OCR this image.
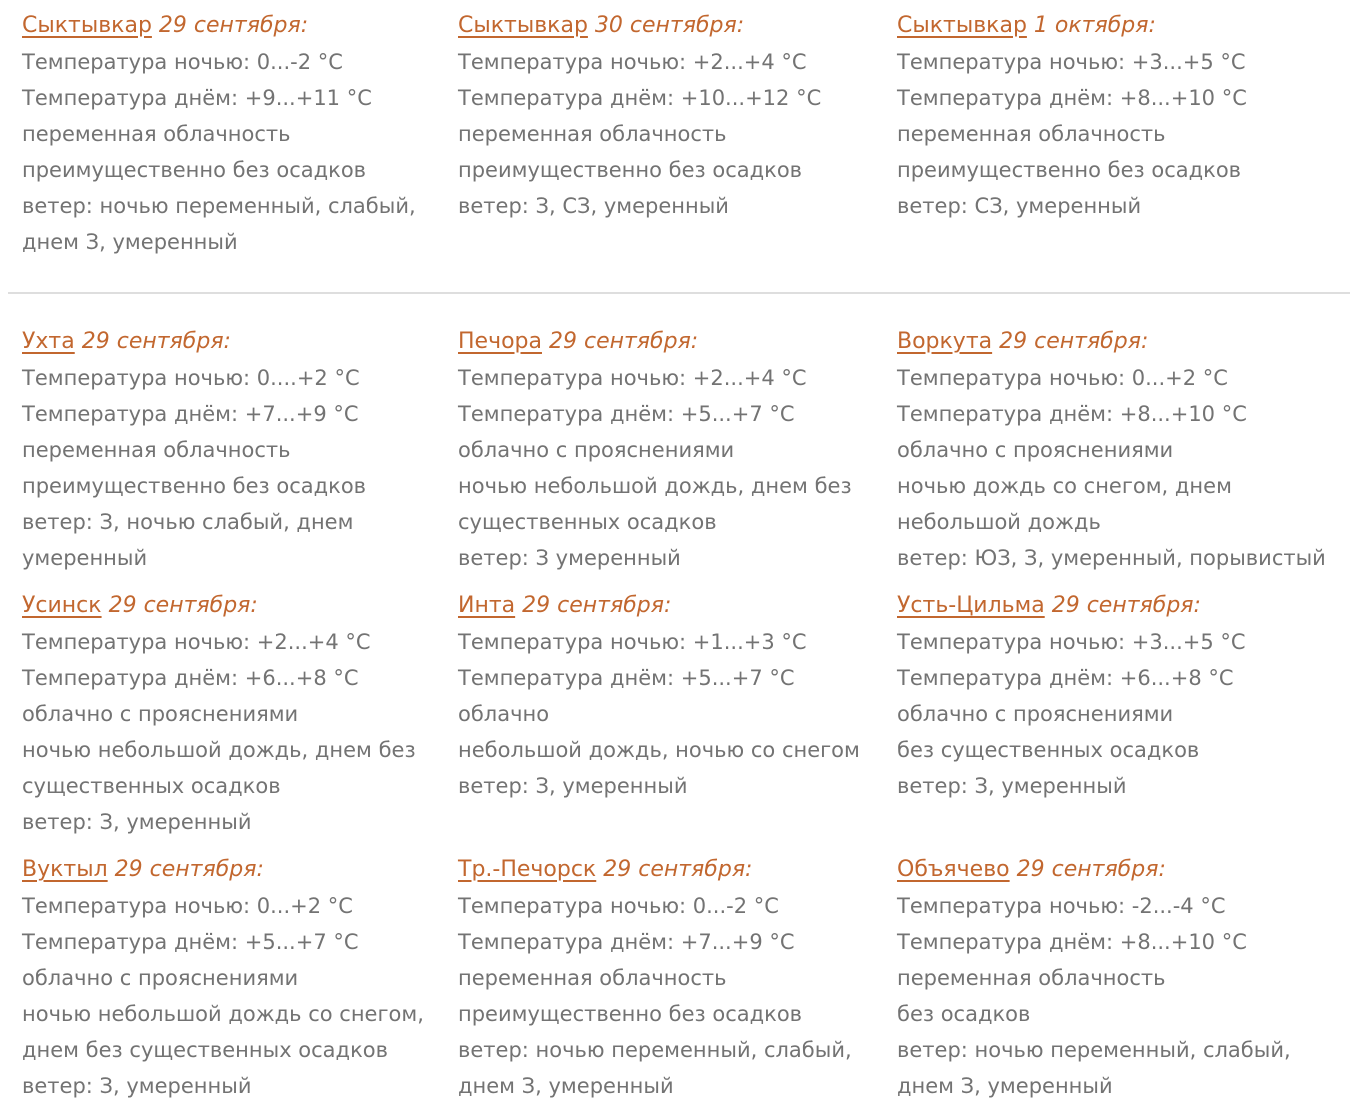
Сыктывкар 29 сентября:
Температура ночью: 0...-2 °C
Температура днём: +9...+11 °C
переменная облачность
преимущественно без осадков
ветер: ночью переменный, слабый,
днем З, умеренный
Сыктывкар 30 сентября:
Температура ночью: +2...+4 °C
Температура днём: +10...+12 °C
переменная облачность
преимущественно без осадков
ветер: З, СЗ, умеренный
Сыктывкар 1 октября:
Температура ночью: +3...+5 °C
Температура днём: +8...+10 °C
переменная облачность
преимущественно без осадков
ветер: СЗ, умеренный
Ухта 29 сентября:
Температура ночью: 0....+2 °C
Температура днём: +7...+9 °C
переменная облачность
преимущественно без осадков
ветер: З, ночью слабый, днем
умеренный
Печора 29 сентября:
Температура ночью: +2...+4 °C
Температура днём: +5...+7 °C
облачно с прояснениями
ночью небольшой дождь, днем без
существенных осадков
ветер: З умеренный
Воркута 29 сентября:
Температура ночью: 0...+2 °C
Температура днём: +8...+10 °C
облачно с прояснениями
ночью дождь со снегом, днем
небольшой дождь
ветер: ЮЗ, З, умеренный, порывистый
Усинск 29 сентября:
Температура ночью: +2...+4 °C
Температура днём: +6...+8 °C
облачно с прояснениями
ночью небольшой дождь, днем без
существенных осадков
ветер: З, умеренный
Инта 29 сентября:
Температура ночью: +1...+3 °C
Температура днём: +5...+7 °C
облачно
небольшой дождь, ночью со снегом
ветер: З, умеренный
Усть-Цильма 29 сентября:
Температура ночью: +3...+5 °C
Температура днём: +6...+8 °C
облачно с прояснениями
без существенных осадков
ветер: З, умеренный
Вуктыл 29 сентября:
Температура ночью: 0...+2 °C
Температура днём: +5...+7 °C
облачно с прояснениями
ночью небольшой дождь со снегом,
днем без существенных осадков
ветер: З, умеренный
Тр.-Печорск 29 сентября:
Температура ночью: 0...-2 °C
Температура днём: +7...+9 °C
переменная облачность
преимущественно без осадков
ветер: ночью переменный, слабый,
днем З, умеренный
Объячево 29 сентября:
Температура ночью: -2...-4 °C
Температура днём: +8...+10 °C
переменная облачность
без осадков
ветер: ночью переменный, слабый,
днем З, умеренный
